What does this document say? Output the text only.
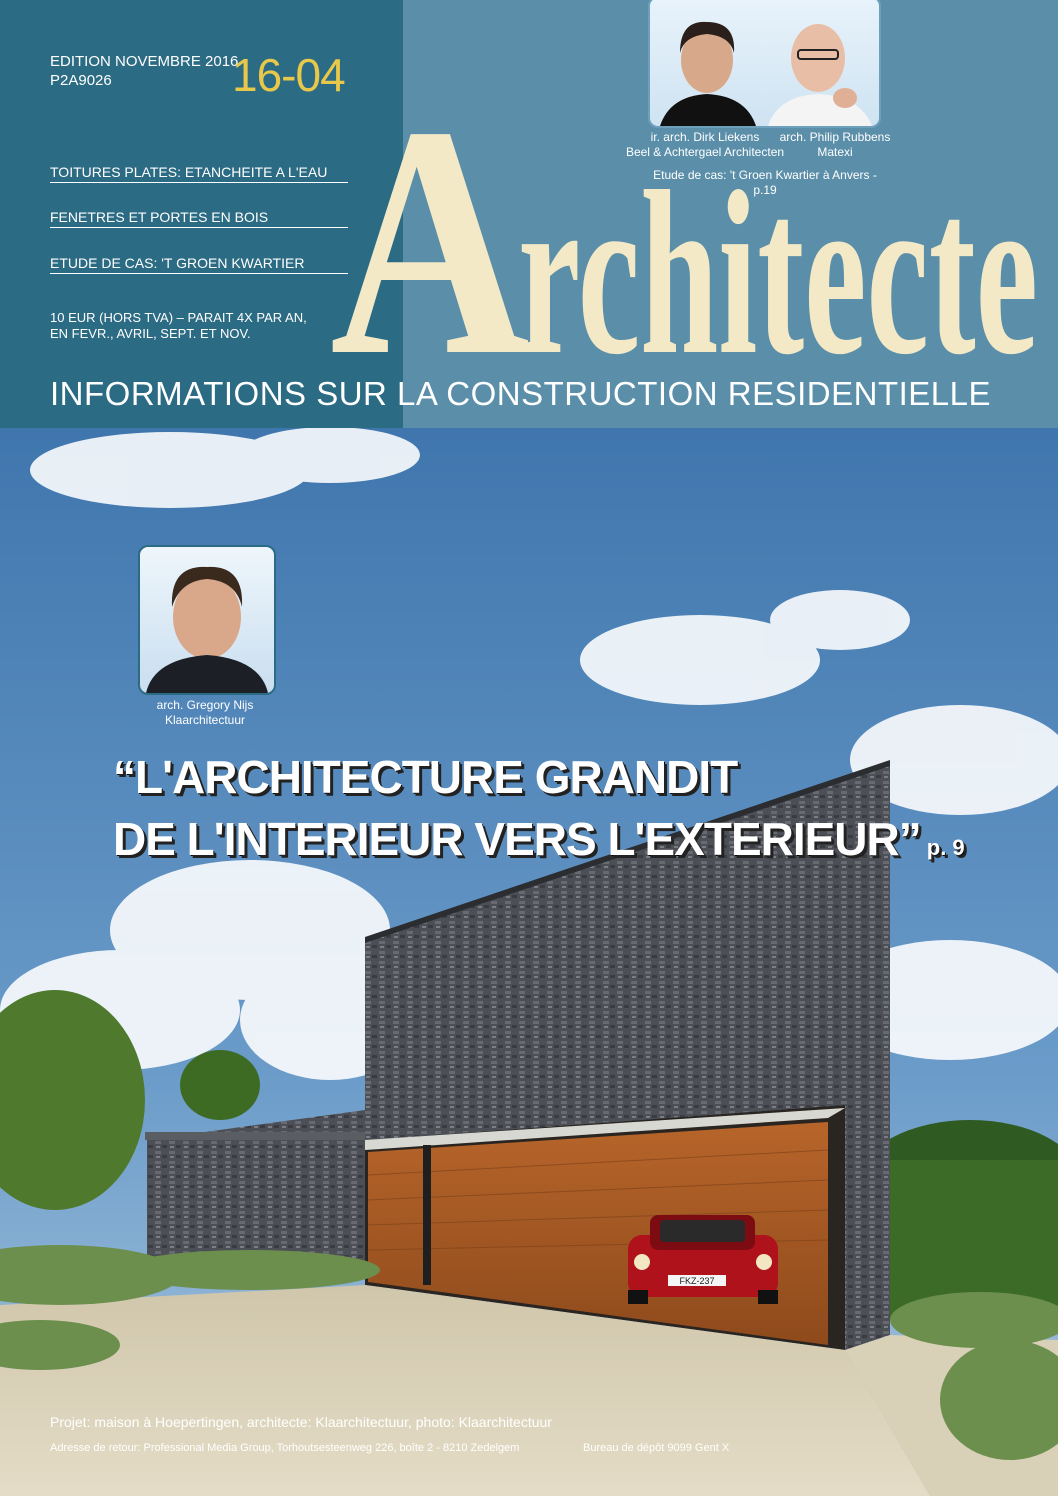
FKZ-237
EDITION NOVEMBRE 2016
P2A9026	16-04
TOITURES PLATES: ETANCHEITE A L'EAU
FENETRES ET PORTES EN BOIS
ETUDE DE CAS: 'T GROEN KWARTIER
10 EUR (HORS TVA) – PARAIT 4X PAR AN,
EN FEVR., AVRIL, SEPT. ET NOV. A
rchitecte
INFORMATIONS SUR LA CONSTRUCTION RESIDENTIELLE
ir. arch. Dirk Liekens
Beel & Achtergael Architecten
arch. Philip Rubbens
Matexi
Etude de cas: 't Groen Kwartier à Anvers - p.19
arch. Gregory Nijs
Klaarchitectuur
“L'ARCHITECTURE GRANDIT
DE L'INTERIEUR VERS L'EXTERIEUR” p. 9
Projet: maison à Hoepertingen, architecte: Klaarchitectuur, photo: Klaarchitectuur
Adresse de retour: Professional Media Group, Torhoutsesteenweg 226, boîte 2 - 8210 Zedelgem	Bureau de dépôt 9099 Gent X
